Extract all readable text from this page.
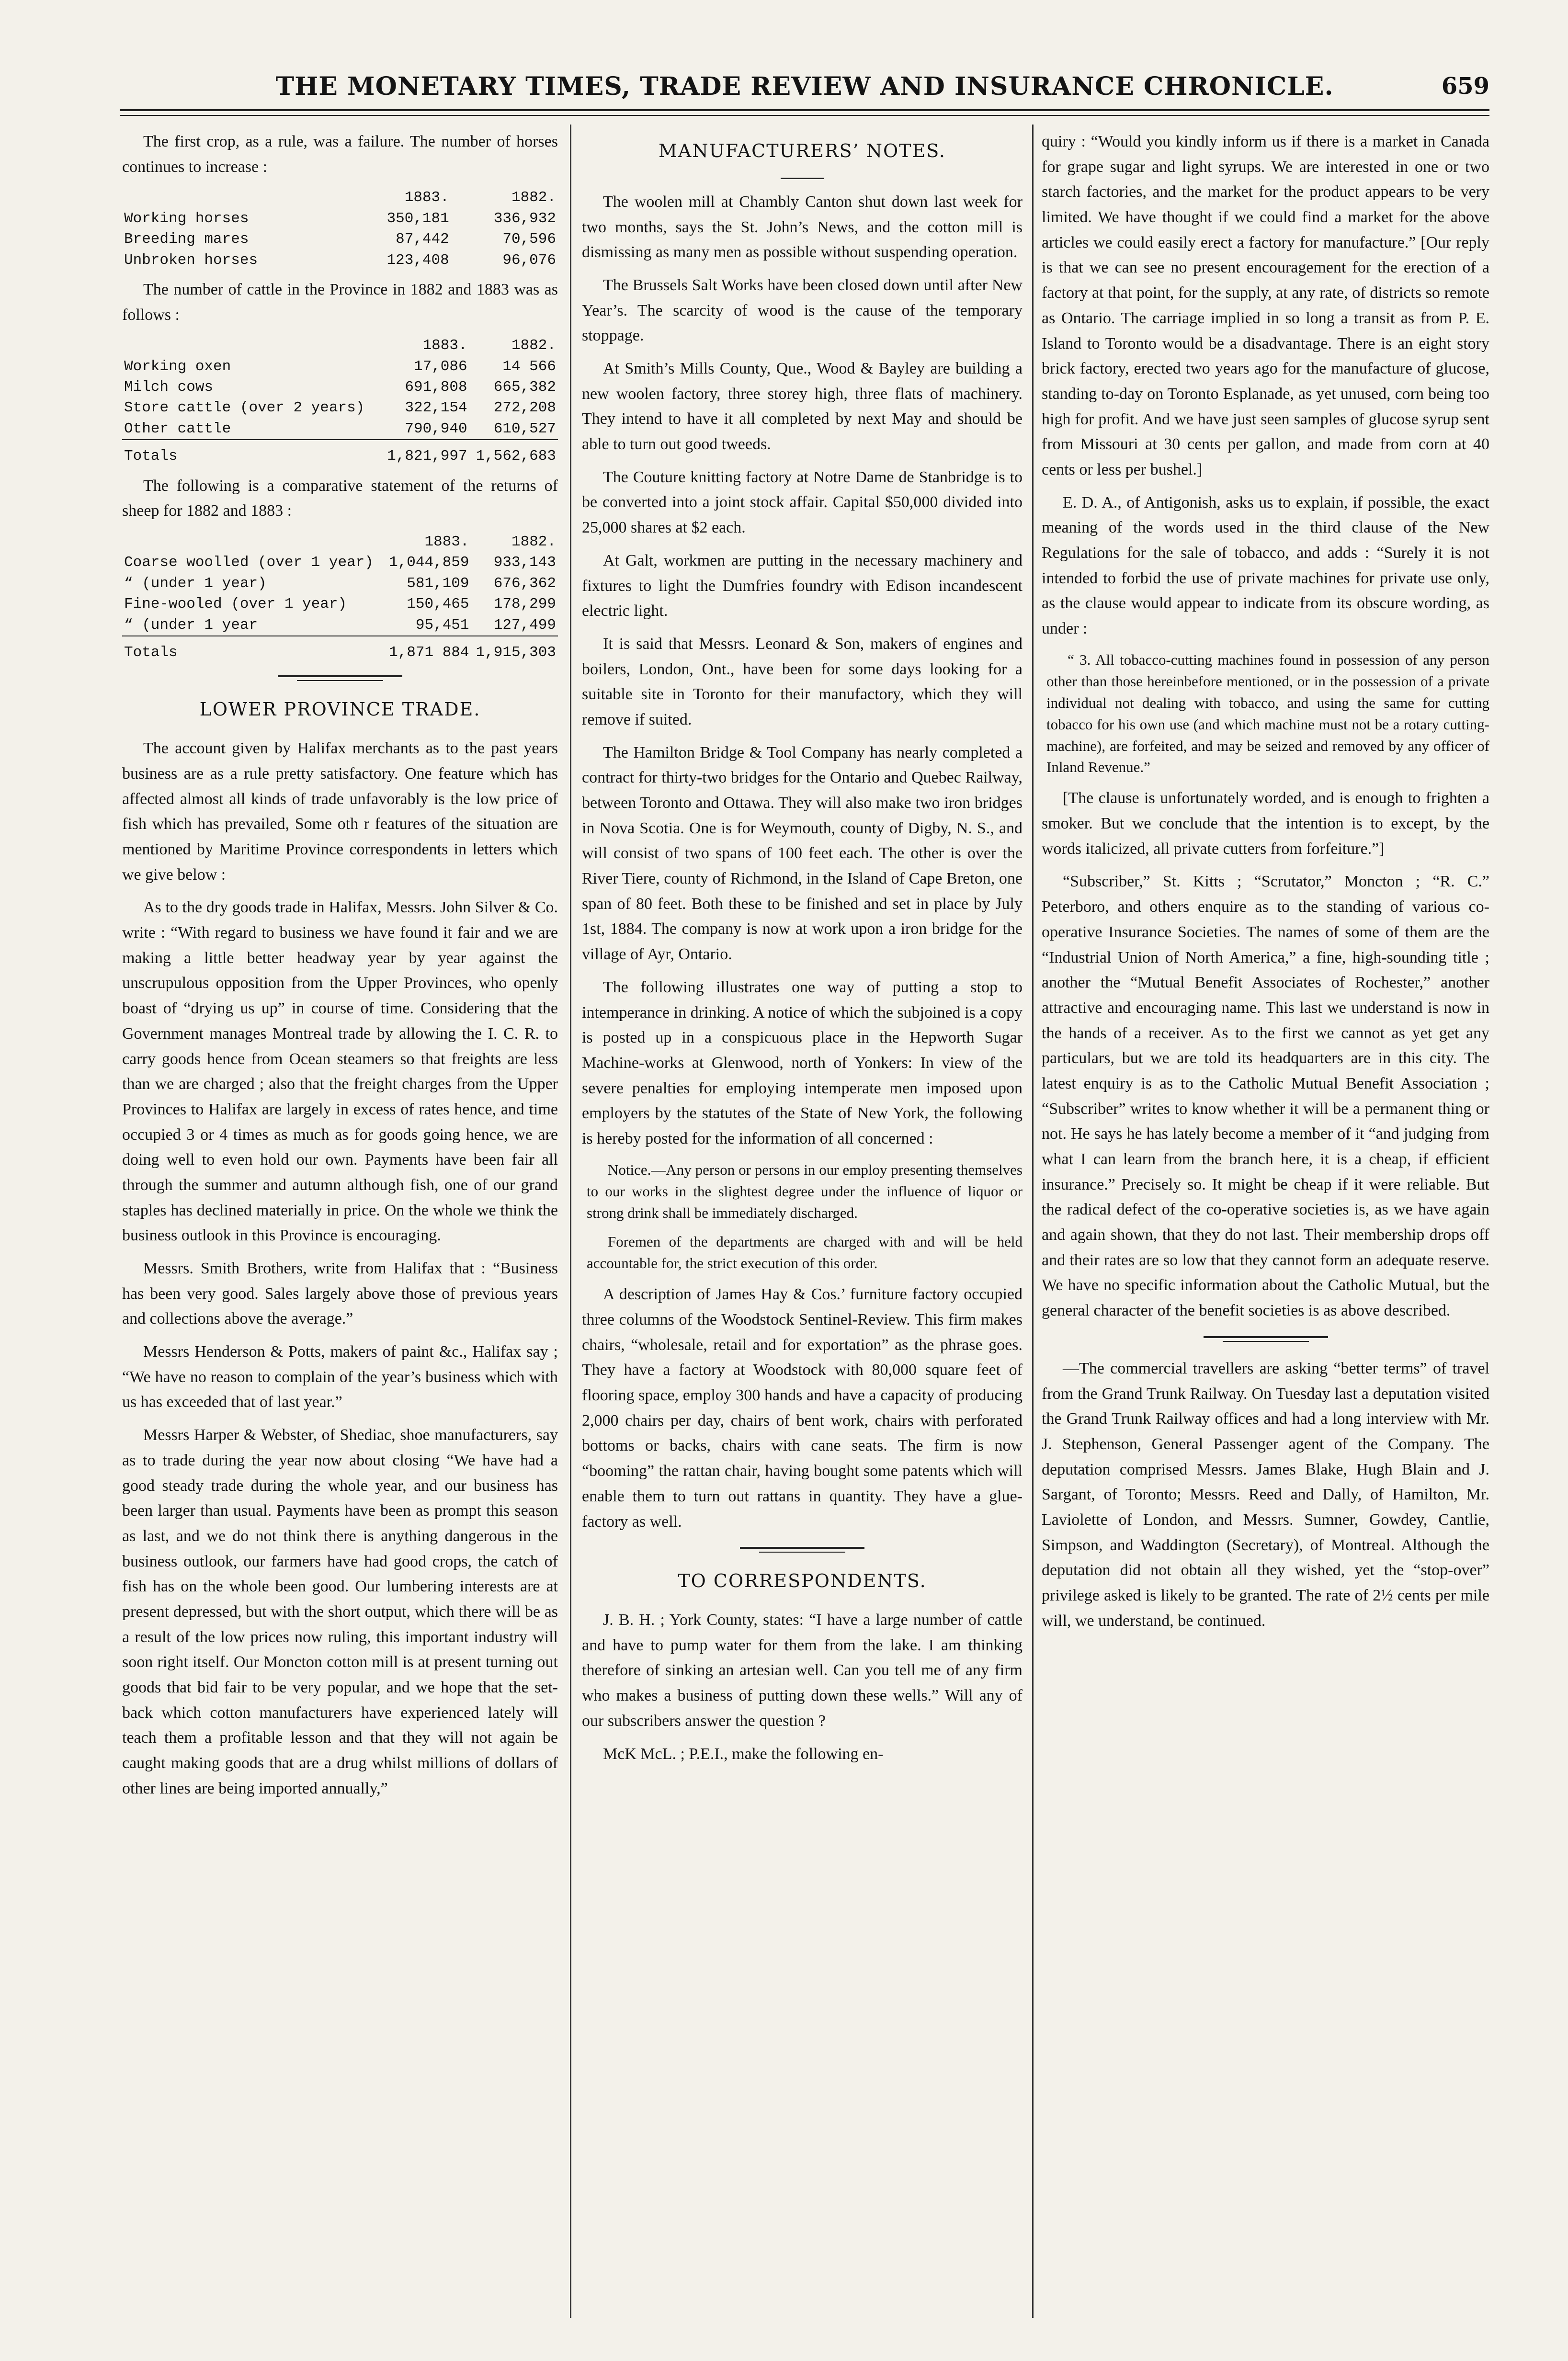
THE MONETARY TIMES, TRADE REVIEW AND INSURANCE CHRONICLE.	659

The first crop, as a rule, was a failure. The number of horses continues to increase :

	1883.	1882.
Working horses	350,181	336,932
Breeding mares	87,442	70,596
Unbroken horses	123,408	96,076

The number of cattle in the Province in 1882 and 1883 was as follows :

	1883.	1882.
Working oxen	17,086	14 566
Milch cows	691,808	665,382
Store cattle (over 2 years)	322,154	272,208
Other cattle	790,940	610,527
Totals	1,821,997	1,562,683

The following is a comparative statement of the returns of sheep for 1882 and 1883 :

	1883.	1882.
Coarse woolled (over 1 year)	1,044,859	933,143
“ (under 1 year)	581,109	676,362
Fine-wooled (over 1 year)	150,465	178,299
“ (under 1 year	95,451	127,499
Totals	1,871 884	1,915,303
LOWER PROVINCE TRADE.

The account given by Halifax merchants as to the past years business are as a rule pretty satisfactory. One feature which has affected almost all kinds of trade unfavorably is the low price of fish which has prevailed, Some oth r features of the situation are mentioned by Maritime Province correspondents in letters which we give below :

As to the dry goods trade in Halifax, Messrs. John Silver & Co. write : “With regard to business we have found it fair and we are making a little better headway year by year against the unscrupulous opposition from the Upper Provinces, who openly boast of “drying us up” in course of time. Considering that the Government manages Montreal trade by allowing the I. C. R. to carry goods hence from Ocean steamers so that freights are less than we are charged ; also that the freight charges from the Upper Provinces to Halifax are largely in excess of rates hence, and time occupied 3 or 4 times as much as for goods going hence, we are doing well to even hold our own. Payments have been fair all through the summer and autumn although fish, one of our grand staples has declined materially in price. On the whole we think the business outlook in this Province is encouraging.

Messrs. Smith Brothers, write from Halifax that : “Business has been very good. Sales largely above those of previous years and collections above the average.”

Messrs Henderson & Potts, makers of paint &c., Halifax say ; “We have no reason to complain of the year’s business which with us has exceeded that of last year.”

Messrs Harper & Webster, of Shediac, shoe manufacturers, say as to trade during the year now about closing “We have had a good steady trade during the whole year, and our business has been larger than usual. Payments have been as prompt this season as last, and we do not think there is anything dangerous in the business outlook, our farmers have had good crops, the catch of fish has on the whole been good. Our lumbering interests are at present depressed, but with the short output, which there will be as a result of the low prices now ruling, this important industry will soon right itself. Our Moncton cotton mill is at present turning out goods that bid fair to be very popular, and we hope that the set-back which cotton manufacturers have experienced lately will teach them a profitable lesson and that they will not again be caught making goods that are a drug whilst millions of dollars of other lines are being imported annually,”

MANUFACTURERS’ NOTES.

The woolen mill at Chambly Canton shut down last week for two months, says the St. John’s News, and the cotton mill is dismissing as many men as possible without suspending operation.

The Brussels Salt Works have been closed down until after New Year’s. The scarcity of wood is the cause of the temporary stoppage.

At Smith’s Mills County, Que., Wood & Bayley are building a new woolen factory, three storey high, three flats of machinery. They intend to have it all completed by next May and should be able to turn out good tweeds.

The Couture knitting factory at Notre Dame de Stanbridge is to be converted into a joint stock affair. Capital $50,000 divided into 25,000 shares at $2 each.

At Galt, workmen are putting in the necessary machinery and fixtures to light the Dumfries foundry with Edison incandescent electric light.

It is said that Messrs. Leonard & Son, makers of engines and boilers, London, Ont., have been for some days looking for a suitable site in Toronto for their manufactory, which they will remove if suited.

The Hamilton Bridge & Tool Company has nearly completed a contract for thirty-two bridges for the Ontario and Quebec Railway, between Toronto and Ottawa. They will also make two iron bridges in Nova Scotia. One is for Weymouth, county of Digby, N. S., and will consist of two spans of 100 feet each. The other is over the River Tiere, county of Richmond, in the Island of Cape Breton, one span of 80 feet. Both these to be finished and set in place by July 1st, 1884. The company is now at work upon a iron bridge for the village of Ayr, Ontario.

The following illustrates one way of putting a stop to intemperance in drinking. A notice of which the subjoined is a copy is posted up in a conspicuous place in the Hepworth Sugar Machine-works at Glenwood, north of Yonkers: In view of the severe penalties for employing intemperate men imposed upon employers by the statutes of the State of New York, the following is hereby posted for the information of all concerned :

Notice.—Any person or persons in our employ presenting themselves to our works in the slightest degree under the influence of liquor or strong drink shall be immediately discharged.

Foremen of the departments are charged with and will be held accountable for, the strict execution of this order.

A description of James Hay & Cos.’ furniture factory occupied three columns of the Woodstock Sentinel-Review. This firm makes chairs, “wholesale, retail and for exportation” as the phrase goes. They have a factory at Woodstock with 80,000 square feet of flooring space, employ 300 hands and have a capacity of producing 2,000 chairs per day, chairs of bent work, chairs with perforated bottoms or backs, chairs with cane seats. The firm is now “booming” the rattan chair, having bought some patents which will enable them to turn out rattans in quantity. They have a glue-factory as well.

TO CORRESPONDENTS.

J. B. H. ; York County, states: “I have a large number of cattle and have to pump water for them from the lake. I am thinking therefore of sinking an artesian well. Can you tell me of any firm who makes a business of putting down these wells.” Will any of our subscribers answer the question ?

McK McL. ; P.E.I., make the following en-

quiry : “Would you kindly inform us if there is a market in Canada for grape sugar and light syrups. We are interested in one or two starch factories, and the market for the product appears to be very limited. We have thought if we could find a market for the above articles we could easily erect a factory for manufacture.” [Our reply is that we can see no present encouragement for the erection of a factory at that point, for the supply, at any rate, of districts so remote as Ontario. The carriage implied in so long a transit as from P. E. Island to Toronto would be a disadvantage. There is an eight story brick factory, erected two years ago for the manufacture of glucose, standing to-day on Toronto Esplanade, as yet unused, corn being too high for profit. And we have just seen samples of glucose syrup sent from Missouri at 30 cents per gallon, and made from corn at 40 cents or less per bushel.]

E. D. A., of Antigonish, asks us to explain, if possible, the exact meaning of the words used in the third clause of the New Regulations for the sale of tobacco, and adds : “Surely it is not intended to forbid the use of private machines for private use only, as the clause would appear to indicate from its obscure wording, as under :

“ 3. All tobacco-cutting machines found in possession of any person other than those hereinbefore mentioned, or in the possession of a private individual not dealing with tobacco, and using the same for cutting tobacco for his own use (and which machine must not be a rotary cutting-machine), are forfeited, and may be seized and removed by any officer of Inland Revenue.”

[The clause is unfortunately worded, and is enough to frighten a smoker. But we conclude that the intention is to except, by the words italicized, all private cutters from forfeiture.”]

“Subscriber,” St. Kitts ; “Scrutator,” Moncton ; “R. C.” Peterboro, and others enquire as to the standing of various co-operative Insurance Societies. The names of some of them are the “Industrial Union of North America,” a fine, high-sounding title ; another the “Mutual Benefit Associates of Rochester,” another attractive and encouraging name. This last we understand is now in the hands of a receiver. As to the first we cannot as yet get any particulars, but we are told its headquarters are in this city. The latest enquiry is as to the Catholic Mutual Benefit Association ; “Subscriber” writes to know whether it will be a permanent thing or not. He says he has lately become a member of it “and judging from what I can learn from the branch here, it is a cheap, if efficient insurance.” Precisely so. It might be cheap if it were reliable. But the radical defect of the co-operative societies is, as we have again and again shown, that they do not last. Their membership drops off and their rates are so low that they cannot form an adequate reserve. We have no specific information about the Catholic Mutual, but the general character of the benefit societies is as above described.

—The commercial travellers are asking “better terms” of travel from the Grand Trunk Railway. On Tuesday last a deputation visited the Grand Trunk Railway offices and had a long interview with Mr. J. Stephenson, General Passenger agent of the Company. The deputation comprised Messrs. James Blake, Hugh Blain and J. Sargant, of Toronto; Messrs. Reed and Dally, of Hamilton, Mr. Laviolette of London, and Messrs. Sumner, Gowdey, Cantlie, Simpson, and Waddington (Secretary), of Montreal. Although the deputation did not obtain all they wished, yet the “stop-over” privilege asked is likely to be granted. The rate of 2½ cents per mile will, we understand, be continued.
